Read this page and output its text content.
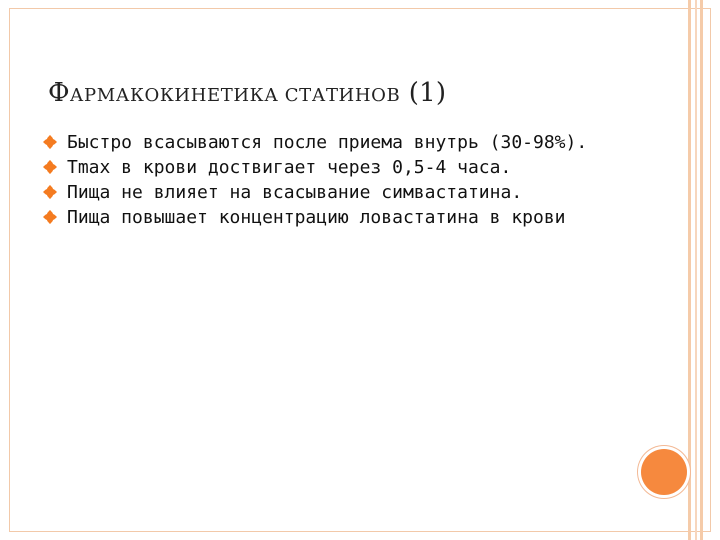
ФАРМАКОКИНЕТИКА СТАТИНОВ (1)
Быстро всасываются после приема внутрь (30-98%).
Tmax в крови доствигает через 0,5-4 часа.
Пища не влияет на всасывание симвастатина.
Пища повышает концентрацию ловастатина в крови
